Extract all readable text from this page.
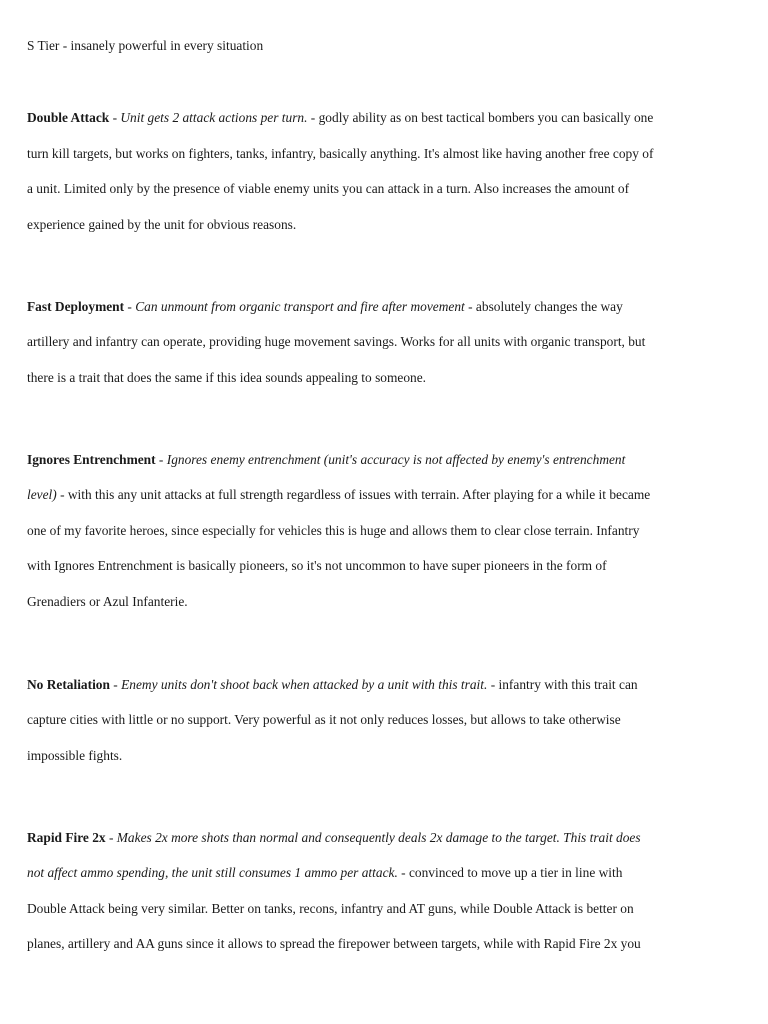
S Tier - insanely powerful in every situation
Double Attack - Unit gets 2 attack actions per turn. - godly ability as on best tactical bombers you can basically one
turn kill targets, but works on fighters, tanks, infantry, basically anything. It's almost like having another free copy of
a unit. Limited only by the presence of viable enemy units you can attack in a turn. Also increases the amount of
experience gained by the unit for obvious reasons.
Fast Deployment - Can unmount from organic transport and fire after movement - absolutely changes the way
artillery and infantry can operate, providing huge movement savings. Works for all units with organic transport, but
there is a trait that does the same if this idea sounds appealing to someone.
Ignores Entrenchment - Ignores enemy entrenchment (unit's accuracy is not affected by enemy's entrenchment
level) - with this any unit attacks at full strength regardless of issues with terrain. After playing for a while it became
one of my favorite heroes, since especially for vehicles this is huge and allows them to clear close terrain. Infantry
with Ignores Entrenchment is basically pioneers, so it's not uncommon to have super pioneers in the form of
Grenadiers or Azul Infanterie.
No Retaliation - Enemy units don't shoot back when attacked by a unit with this trait. - infantry with this trait can
capture cities with little or no support. Very powerful as it not only reduces losses, but allows to take otherwise
impossible fights.
Rapid Fire 2x - Makes 2x more shots than normal and consequently deals 2x damage to the target. This trait does
not affect ammo spending, the unit still consumes 1 ammo per attack. - convinced to move up a tier in line with
Double Attack being very similar. Better on tanks, recons, infantry and AT guns, while Double Attack is better on
planes, artillery and AA guns since it allows to spread the firepower between targets, while with Rapid Fire 2x you
